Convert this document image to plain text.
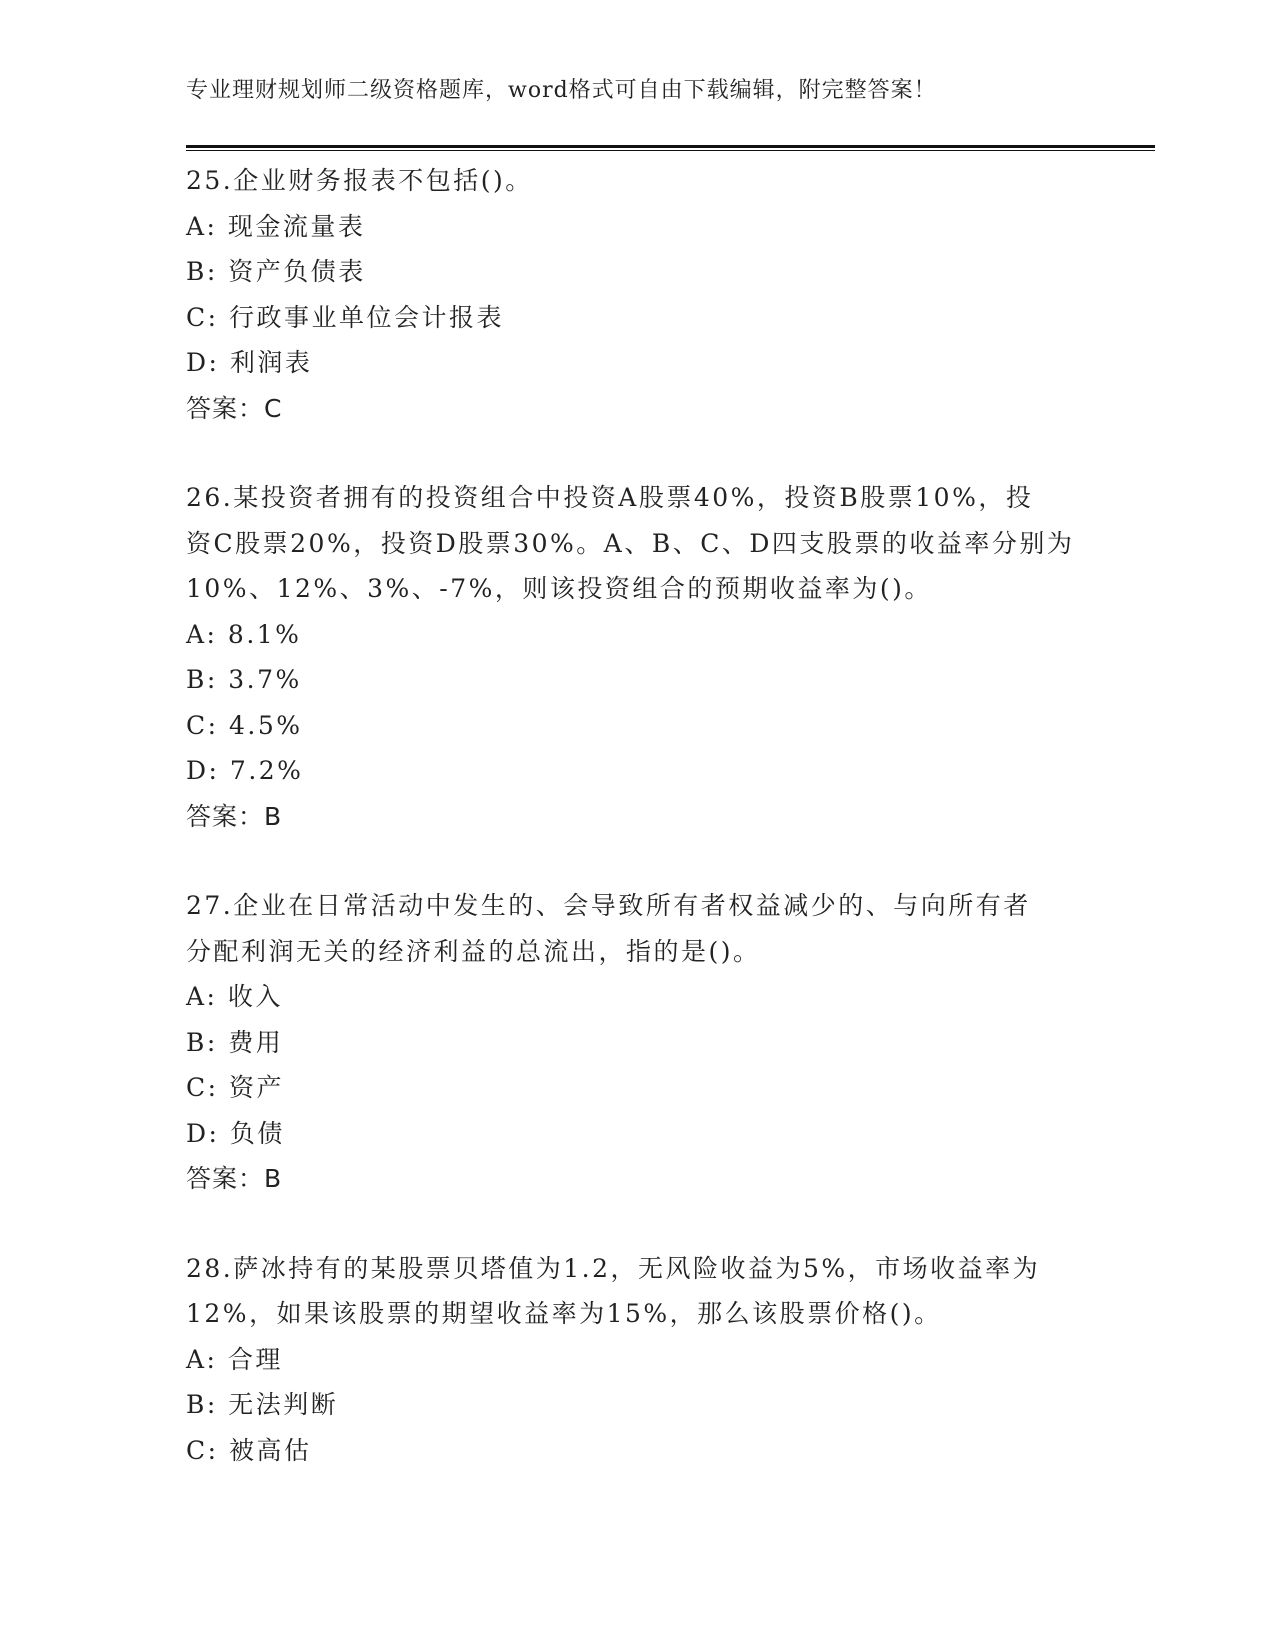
专业理财规划师二级资格题库，word格式可自由下载编辑，附完整答案！
25.企业财务报表不包括()。
A: 现金流量表
B: 资产负债表
C: 行政事业单位会计报表
D: 利润表
答案：C
26.某投资者拥有的投资组合中投资A股票40%，投资B股票10%，投
资C股票20%，投资D股票30%。A、B、C、D四支股票的收益率分别为
10%、12%、3%、-7%，则该投资组合的预期收益率为()。
A: 8.1%
B: 3.7%
C: 4.5%
D: 7.2%
答案：B
27.企业在日常活动中发生的、会导致所有者权益减少的、与向所有者
分配利润无关的经济利益的总流出，指的是()。
A: 收入
B: 费用
C: 资产
D: 负债
答案：B
28.萨冰持有的某股票贝塔值为1.2，无风险收益为5%，市场收益率为
12%，如果该股票的期望收益率为15%，那么该股票价格()。
A: 合理
B: 无法判断
C: 被高估
